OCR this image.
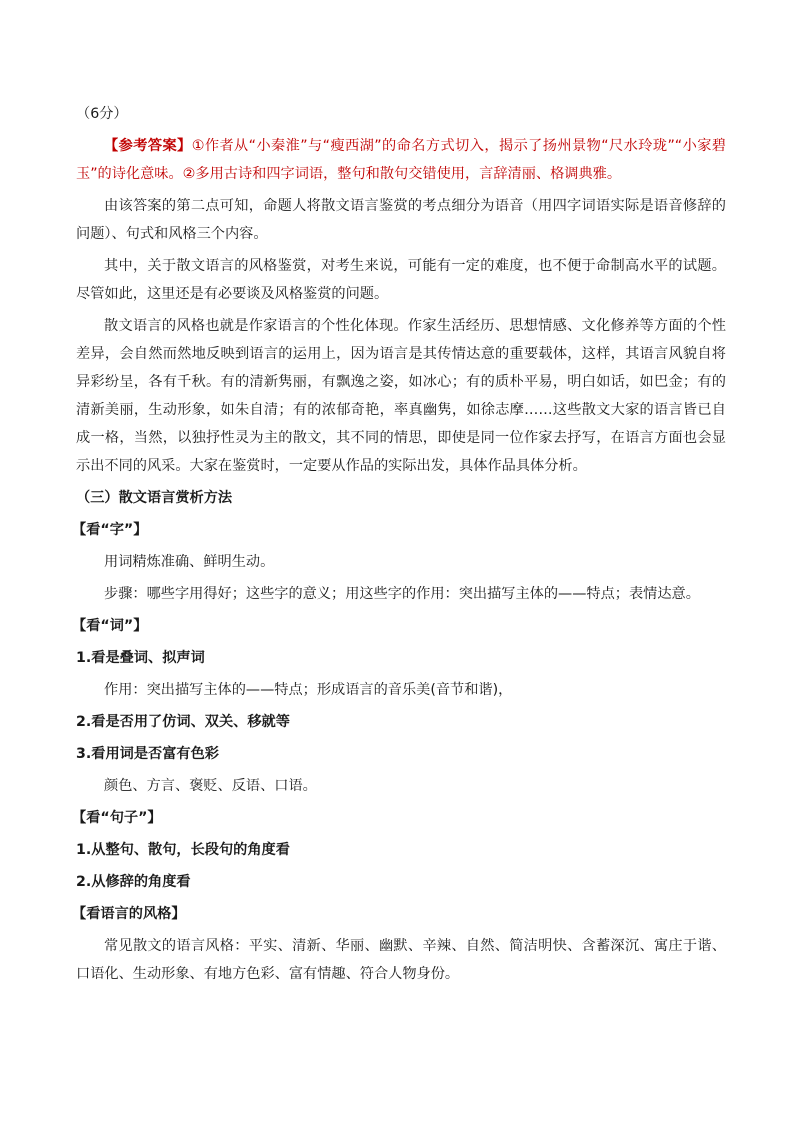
（6分）

【参考答案】①作者从“小秦淮”与“瘦西湖”的命名方式切入，揭示了扬州景物“尺水玲珑”“小家碧玉”的诗化意味。②多用古诗和四字词语，整句和散句交错使用，言辞清丽、格调典雅。

由该答案的第二点可知，命题人将散文语言鉴赏的考点细分为语音（用四字词语实际是语音修辞的问题）、句式和风格三个内容。

其中，关于散文语言的风格鉴赏，对考生来说，可能有一定的难度，也不便于命制高水平的试题。尽管如此，这里还是有必要谈及风格鉴赏的问题。

散文语言的风格也就是作家语言的个性化体现。作家生活经历、思想情感、文化修养等方面的个性差异，会自然而然地反映到语言的运用上，因为语言是其传情达意的重要载体，这样，其语言风貌自将异彩纷呈，各有千秋。有的清新隽丽，有飘逸之姿，如冰心；有的质朴平易，明白如话，如巴金；有的清新美丽，生动形象，如朱自清；有的浓郁奇艳，率真幽隽，如徐志摩……这些散文大家的语言皆已自成一格，当然，以独抒性灵为主的散文，其不同的情思，即使是同一位作家去抒写，在语言方面也会显示出不同的风采。大家在鉴赏时，一定要从作品的实际出发，具体作品具体分析。

（三）散文语言赏析方法

【看“字”】

用词精炼准确、鲜明生动。

步骤：哪些字用得好；这些字的意义；用这些字的作用：突出描写主体的——特点；表情达意。

【看“词”】

1.看是叠词、拟声词

作用：突出描写主体的——特点；形成语言的音乐美(音节和谐)，

2.看是否用了仿词、双关、移就等

3.看用词是否富有色彩

颜色、方言、褒贬、反语、口语。

【看“句子”】

1.从整句、散句，长段句的角度看

2.从修辞的角度看

【看语言的风格】

常见散文的语言风格：平实、清新、华丽、幽默、辛辣、自然、简洁明快、含蓄深沉、寓庄于谐、口语化、生动形象、有地方色彩、富有情趣、符合人物身份。
